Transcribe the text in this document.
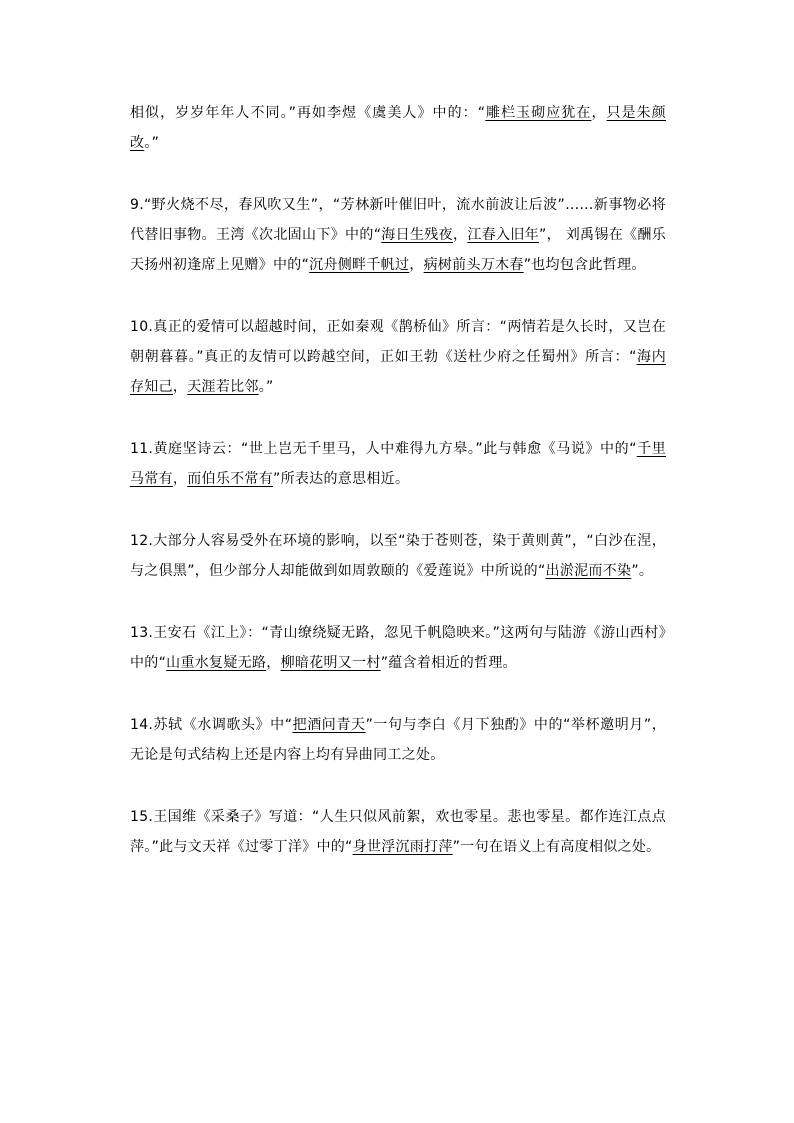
相似，岁岁年年人不同。”再如李煜《虞美人》中的：“雕栏玉砌应犹在，只是朱颜改。”

9.“野火烧不尽，春风吹又生”，“芳林新叶催旧叶，流水前波让后波”……新事物必将代替旧事物。王湾《次北固山下》中的“海日生残夜，江春入旧年”， 刘禹锡在《酬乐天扬州初逢席上见赠》中的“沉舟侧畔千帆过，病树前头万木春”也均包含此哲理。

10.真正的爱情可以超越时间，正如秦观《鹊桥仙》所言：“两情若是久长时，又岂在朝朝暮暮。”真正的友情可以跨越空间，正如王勃《送杜少府之任蜀州》所言：“海内存知己，天涯若比邻。”

11.黄庭坚诗云：“世上岂无千里马，人中难得九方皋。”此与韩愈《马说》中的“千里马常有，而伯乐不常有”所表达的意思相近。

12.大部分人容易受外在环境的影响，以至“染于苍则苍，染于黄则黄”，“白沙在涅，与之俱黑”，但少部分人却能做到如周敦颐的《爱莲说》中所说的“出淤泥而不染”。

13.王安石《江上》：“青山缭绕疑无路，忽见千帆隐映来。”这两句与陆游《游山西村》中的“山重水复疑无路，柳暗花明又一村”蕴含着相近的哲理。

14.苏轼《水调歌头》中“把酒问青天”一句与李白《月下独酌》中的“举杯邀明月”，无论是句式结构上还是内容上均有异曲同工之处。

15.王国维《采桑子》写道：“人生只似风前絮，欢也零星。悲也零星。都作连江点点萍。”此与文天祥《过零丁洋》中的“身世浮沉雨打萍”一句在语义上有高度相似之处。
